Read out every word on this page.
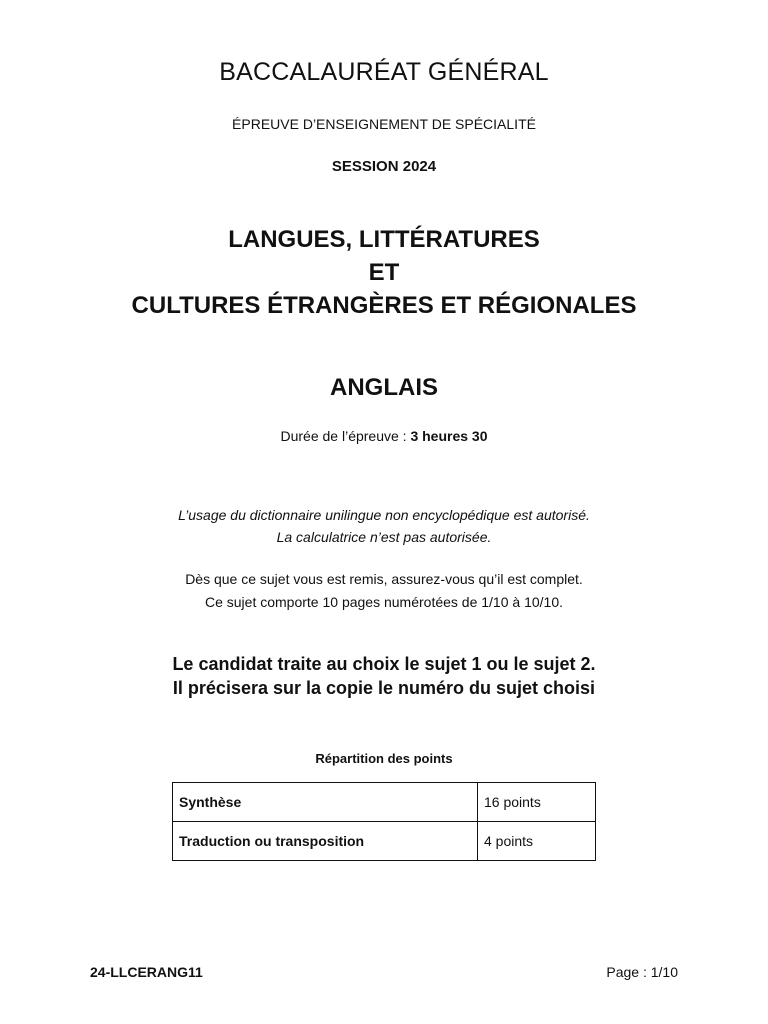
BACCALAURÉAT GÉNÉRAL
ÉPREUVE D’ENSEIGNEMENT DE SPÉCIALITÉ
SESSION 2024
LANGUES, LITTÉRATURES
ET
CULTURES ÉTRANGÈRES ET RÉGIONALES
ANGLAIS
Durée de l’épreuve : 3 heures 30
L’usage du dictionnaire unilingue non encyclopédique est autorisé.
La calculatrice n’est pas autorisée.
Dès que ce sujet vous est remis, assurez-vous qu’il est complet.
Ce sujet comporte 10 pages numérotées de 1/10 à 10/10.
Le candidat traite au choix le sujet 1 ou le sujet 2.
Il précisera sur la copie le numéro du sujet choisi
Répartition des points
Synthèse	16 points
Traduction ou transposition	4 points
24-LLCERANG11	Page : 1/10
